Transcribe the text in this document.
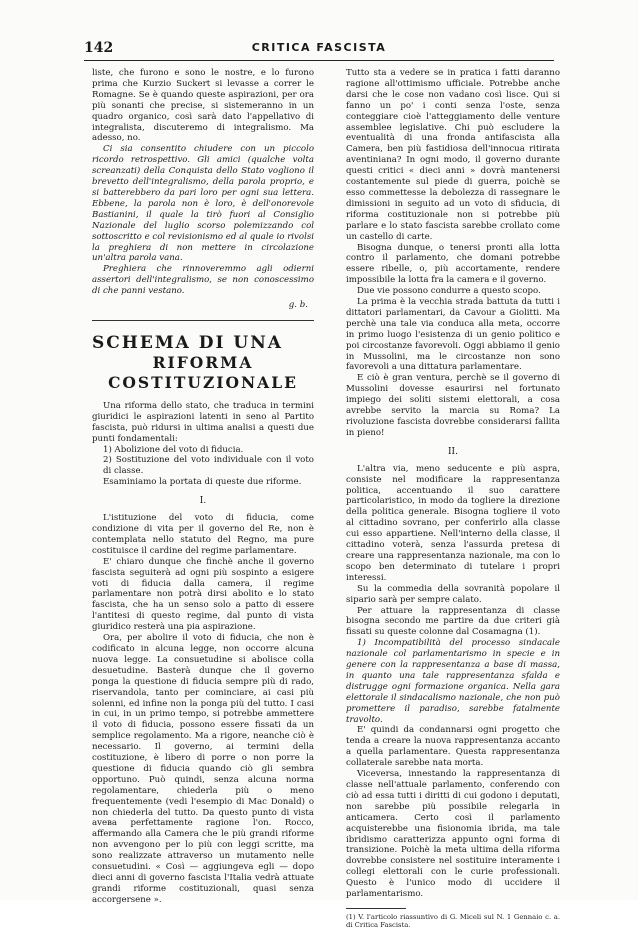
142	CRITICA FASCISTA

liste, che furono e sono le nostre, e lo furono prima che Kurzio Suckert si levasse a correr le Romagne. Se è quando queste aspirazioni, per ora più sonanti che precise, si sistemeranno in un quadro organico, così sarà dato l'appellativo di integralista, discuteremo di integralismo. Ma adesso, no.

Ci sia consentito chiudere con un piccolo ricordo retrospettivo. Gli amici (qualche volta screanzati) della Conquista dello Stato vogliono il brevetto dell'integralismo, della parola proprio, e si batterebbero da pari loro per ogni sua lettera. Ebbene, la parola non è loro, è dell'onorevole Bastianini, il quale la tirò fuori al Consiglio Nazionale del luglio scorso polemizzando col sottoscritto e col revisionismo ed al quale io rivolsi la preghiera di non mettere in circolazione un'altra parola vana.

Preghiera che rinnoveremmo agli odierni assertori dell'integralismo, se non conoscessimo di che panni vestano.

g. b.

SCHEMA DI UNA
RIFORMA COSTITUZIONALE

Una riforma dello stato, che traduca in termini giuridici le aspirazioni latenti in seno al Partito fascista, può ridursi in ultima analisi a questi due punti fondamentali:

1) Abolizione del voto di fiducia.
2) Sostituzione del voto individuale con il voto di classe.

Esaminiamo la portata di queste due riforme.

I.

L'istituzione del voto di fiducia, come condizione di vita per il governo del Re, non è contemplata nello statuto del Regno, ma pure costituisce il cardine del regime parlamentare.

E' chiaro dunque che finchè anche il governo fascista seguiterà ad ogni più sospinto a esigere voti di fiducia dalla camera, il regime parlamentare non potrà dirsi abolito e lo stato fascista, che ha un senso solo a patto di essere l'antitesi di questo regime, dal punto di vista giuridico resterà una pia aspirazione.

Ora, per abolire il voto di fiducia, che non è codificato in alcuna legge, non occorre alcuna nuova legge. La consuetudine si abolisce colla desuetudine. Basterà dunque che il governo ponga la questione di fiducia sempre più di rado, riservandola, tanto per cominciare, ai casi più solenni, ed infine non la ponga più del tutto. I casi in cui, in un primo tempo, si potrebbe ammettere il voto di fiducia, possono essere fissati da un semplice regolamento. Ma a rigore, neanche ciò è necessario. Il governo, ai termini della costituzione, è libero di porre o non porre la questione di fiducia quando ciò gli sembra opportuno. Può quindi, senza alcuna norma regolamentare, chiederla più o meno frequentemente (vedi l'esempio di Mac Donald) o non chiederla del tutto. Da questo punto di vista avева perfettamente ragione l'on. Rocco, affermando alla Camera che le più grandi riforme non avvengono per lo più con leggi scritte, ma sono realizzate attraverso un mutamento nelle consuetudini. « Così — aggiungeva egli — dopo dieci anni di governo fascista l'Italia vedrà attuate grandi riforme costituzionali, quasi senza accorgersene ».

Tutto sta a vedere se in pratica i fatti daranno ragione all'ottimismo ufficiale. Potrebbe anche darsi che le cose non vadano così lisce. Qui si fanno un po' i conti senza l'oste, senza conteggiare cioè l'atteggiamento delle venture assemblee legislative. Chi può escludere la eventualità di una fronda antifascista alla Camera, ben più fastidiosa dell'innocua ritirata aventiniana? In ogni modo, il governo durante questi critici « dieci anni » dovrà mantenersi costantemente sul piede di guerra, poichè se esso commettesse la debolezza di rassegnare le dimissioni in seguito ad un voto di sfiducia, di riforma costituzionale non si potrebbe più parlare e lo stato fascista sarebbe crollato come un castello di carte.

Bisogna dunque, o tenersi pronti alla lotta contro il parlamento, che domani potrebbe essere ribelle, o, più accortamente, rendere impossibile la lotta fra la camera e il governo.

Due vie possono condurre a questo scopo.

La prima è la vecchia strada battuta da tutti i dittatori parlamentari, da Cavour a Giolitti. Ma perchè una tale via conduca alla meta, occorre in primo luogo l'esistenza di un genio politico e poi circostanze favorevoli. Oggi abbiamo il genio in Mussolini, ma le circostanze non sono favorevoli a una dittatura parlamentare.

E ciò è gran ventura, perchè se il governo di Mussolini dovesse esaurirsi nel fortunato impiego dei soliti sistemi elettorali, a cosa avrebbe servito la marcia su Roma? La rivoluzione fascista dovrebbe considerarsi fallita in pieno!

II.

L'altra via, meno seducente e più aspra, consiste nel modificare la rappresentanza politica, accentuando il suo carattere particolaristico, in modo da togliere la direzione della politica generale. Bisogna togliere il voto al cittadino sovrano, per conferirlo alla classe cui esso appartiene. Nell'interno della classe, il cittadino voterà, senza l'assurda pretesa di creare una rappresentanza nazionale, ma con lo scopo ben determinato di tutelare i propri interessi.

Su la commedia della sovranità popolare il sipario sarà per sempre calato.

Per attuare la rappresentanza di classe bisogna secondo me partire da due criteri già fissati su queste colonne dal Cosamagna (1).

1) Incompatibilità del processo sindacale nazionale col parlamentarismo in specie e in genere con la rappresentanza a base di massa, in quanto una tale rappresentanza sfalda e distrugge ogni formazione organica. Nella gara elettorale il sindacalismo nazionale, che non può promettere il paradiso, sarebbe fatalmente travolto.

E' quindi da condannarsi ogni progetto che tenda a creare la nuova rappresentanza accanto a quella parlamentare. Questa rappresentanza collaterale sarebbe nata morta.

Viceversa, innestando la rappresentanza di classe nell'attuale parlamento, conferendo con ciò ad essa tutti i diritti di cui godono i deputati, non sarebbe più possibile relegarla in anticamera. Certo così il parlamento acquisterebbe una fisionomia ibrida, ma tale ibridismo caratterizza appunto ogni forma di transizione. Poichè la meta ultima della riforma dovrebbe consistere nel sostituire interamente i collegi elettorali con le curie professionali. Questo è l'unico modo di uccidere il parlamentarismo.

(1) V. l'articolo riassuntivo di G. Miceli sul N. 1 Gennaio c. a. di Critica Fascista.
